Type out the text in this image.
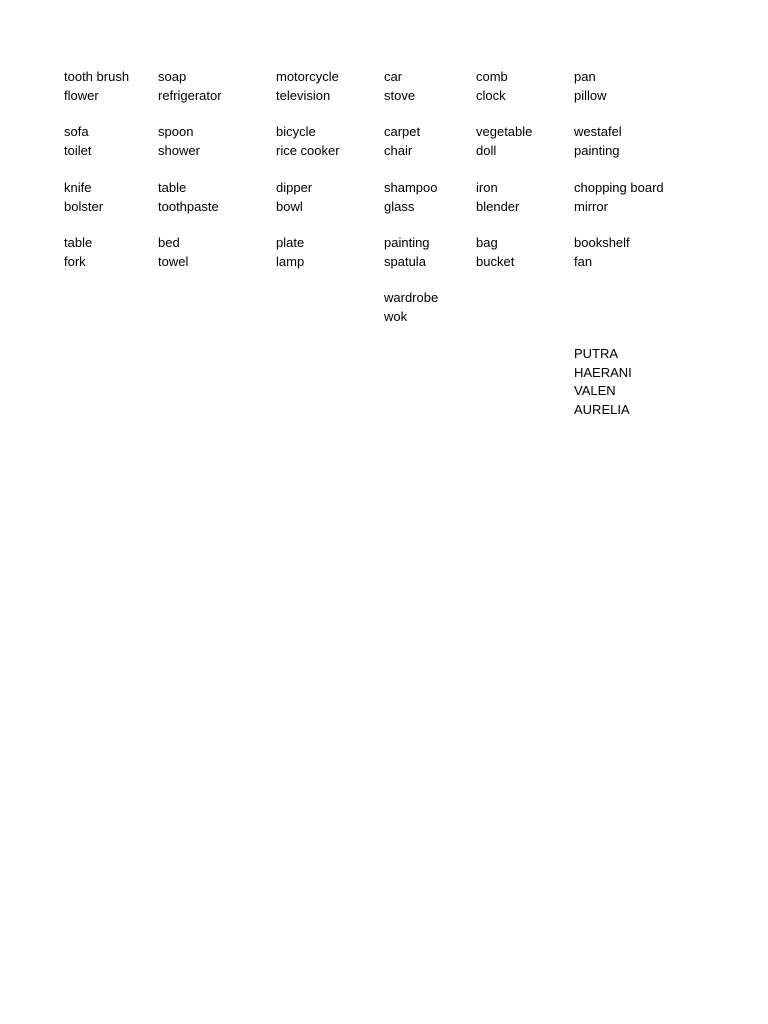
tooth brush
flower
soap
refrigerator
motorcycle
television
car
stove
comb
clock
pan
pillow
sofa
toilet
spoon
shower
bicycle
rice cooker
carpet
chair
vegetable
doll
westafel
painting
knife
bolster
table
toothpaste
dipper
bowl
shampoo
glass
iron
blender
chopping board
mirror
table
fork
bed
towel
plate
lamp
painting
spatula
bag
bucket
bookshelf
fan
wardrobe
wok
PUTRA
HAERANI
VALEN
AURELIA
